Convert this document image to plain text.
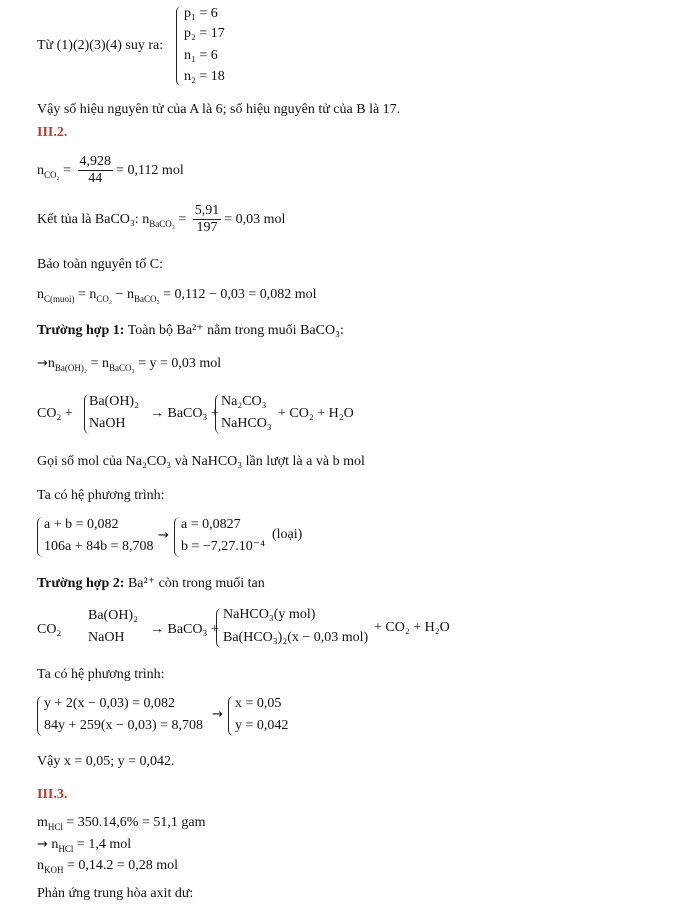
Từ (1)(2)(3)(4) suy ra:
p₁ = 6
p₂ = 17
n₁ = 6
n₂ = 18
Vậy số hiệu nguyên tử của A là 6; số hiệu nguyên tử của B là 17.
III.2.
$n_{CO_2} = \frac{4,928}{44} = 0,112$ mol
Kết tủa là BaCO₃: $n_{BaCO_3} = \frac{5,91}{197} = 0,03$ mol
Bảo toàn nguyên tố C:
$n_{C(muoi)} = n_{CO_2} - n_{BaCO_3} = 0,112 - 0,03 = 0,082$ mol
Trường hợp 1: Toàn bộ Ba²⁺ nằm trong muối BaCO₃:
$\to n_{Ba(OH)_2} = n_{BaCO_3} = y = 0,03$ mol
CO₂ +
Ba(OH)₂
NaOH
→ BaCO₃ +
Na₂CO₃
NaHCO₃
+ CO₂ + H₂O
Gọi số mol của Na₂CO₃ và NaHCO₃ lần lượt là a và b mol
Ta có hệ phương trình:
a + b = 0,082
106a + 84b = 8,708
→
a = 0,0827
b = −7,27.10⁻⁴
(loại)
Trường hợp 2: Ba²⁺ còn trong muối tan
CO₂
Ba(OH)₂
NaOH
→ BaCO₃ +
NaHCO₃(y mol)
Ba(HCO₃)₂(x − 0,03 mol)
+ CO₂ + H₂O
Ta có hệ phương trình:
y + 2(x − 0,03) = 0,082
84y + 259(x − 0,03) = 8,708
→
x = 0,05
y = 0,042
Vậy x = 0,05; y = 0,042.
III.3.
$m_{HCl} = 350.14,6\% = 51,1$ gam
→ $n_{HCl} = 1,4$ mol
$n_{KOH} = 0,14.2 = 0,28$ mol
Phản ứng trung hòa axit dư:
